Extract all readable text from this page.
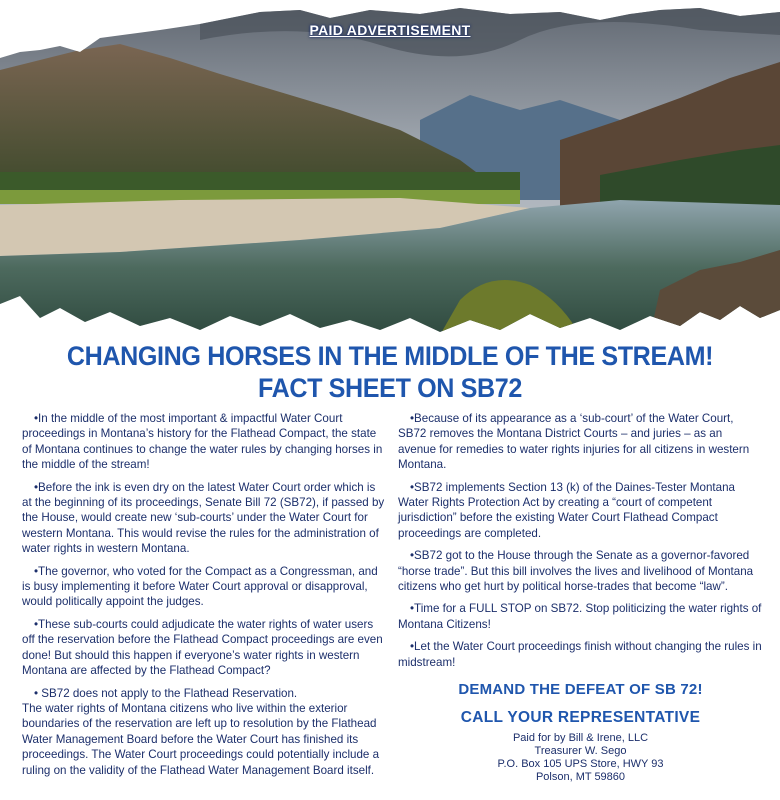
PAID ADVERTISEMENT
CHANGING HORSES IN THE MIDDLE OF THE STREAM!
FACT SHEET ON SB72

•In the middle of the most important & impactful Water Court proceedings in Montana’s history for the Flathead Compact, the state of Montana continues to change the water rules by changing horses in the middle of the stream!

•Before the ink is even dry on the latest Water Court order which is at the beginning of its proceedings, Senate Bill 72 (SB72), if passed by the House, would create new ‘sub-courts’ under the Water Court for western Montana. This would revise the rules for the administration of water rights in western Montana.

•The governor, who voted for the Compact as a Congressman, and is busy implementing it before Water Court approval or disapproval, would politically appoint the judges.

•These sub-courts could adjudicate the water rights of water users off the reservation before the Flathead Compact proceedings are even done! But should this happen if everyone’s water rights in western Montana are affected by the Flathead Compact?

• SB72 does not apply to the Flathead Reservation.

The water rights of Montana citizens who live within the exterior boundaries of the reservation are left up to resolution by the Flathead Water Management Board before the Water Court has finished its proceedings. The Water Court proceedings could potentially include a ruling on the validity of the Flathead Water Management Board itself.

•Because of its appearance as a ‘sub-court’ of the Water Court, SB72 removes the Montana District Courts – and juries – as an avenue for remedies to water rights injuries for all citizens in western Montana.

•SB72 implements Section 13 (k) of the Daines-Tester Montana Water Rights Protection Act by creating a “court of competent jurisdiction” before the existing Water Court Flathead Compact proceedings are completed.

•SB72 got to the House through the Senate as a governor-favored “horse trade”. But this bill involves the lives and livelihood of Montana citizens who get hurt by political horse-trades that become “law”.

•Time for a FULL STOP on SB72. Stop politicizing the water rights of Montana Citizens!

•Let the Water Court proceedings finish without changing the rules in midstream!

DEMAND THE DEFEAT OF SB 72!
CALL YOUR REPRESENTATIVE
Paid for by Bill & Irene, LLC
Treasurer W. Sego
P.O. Box 105 UPS Store, HWY 93
Polson, MT 59860
